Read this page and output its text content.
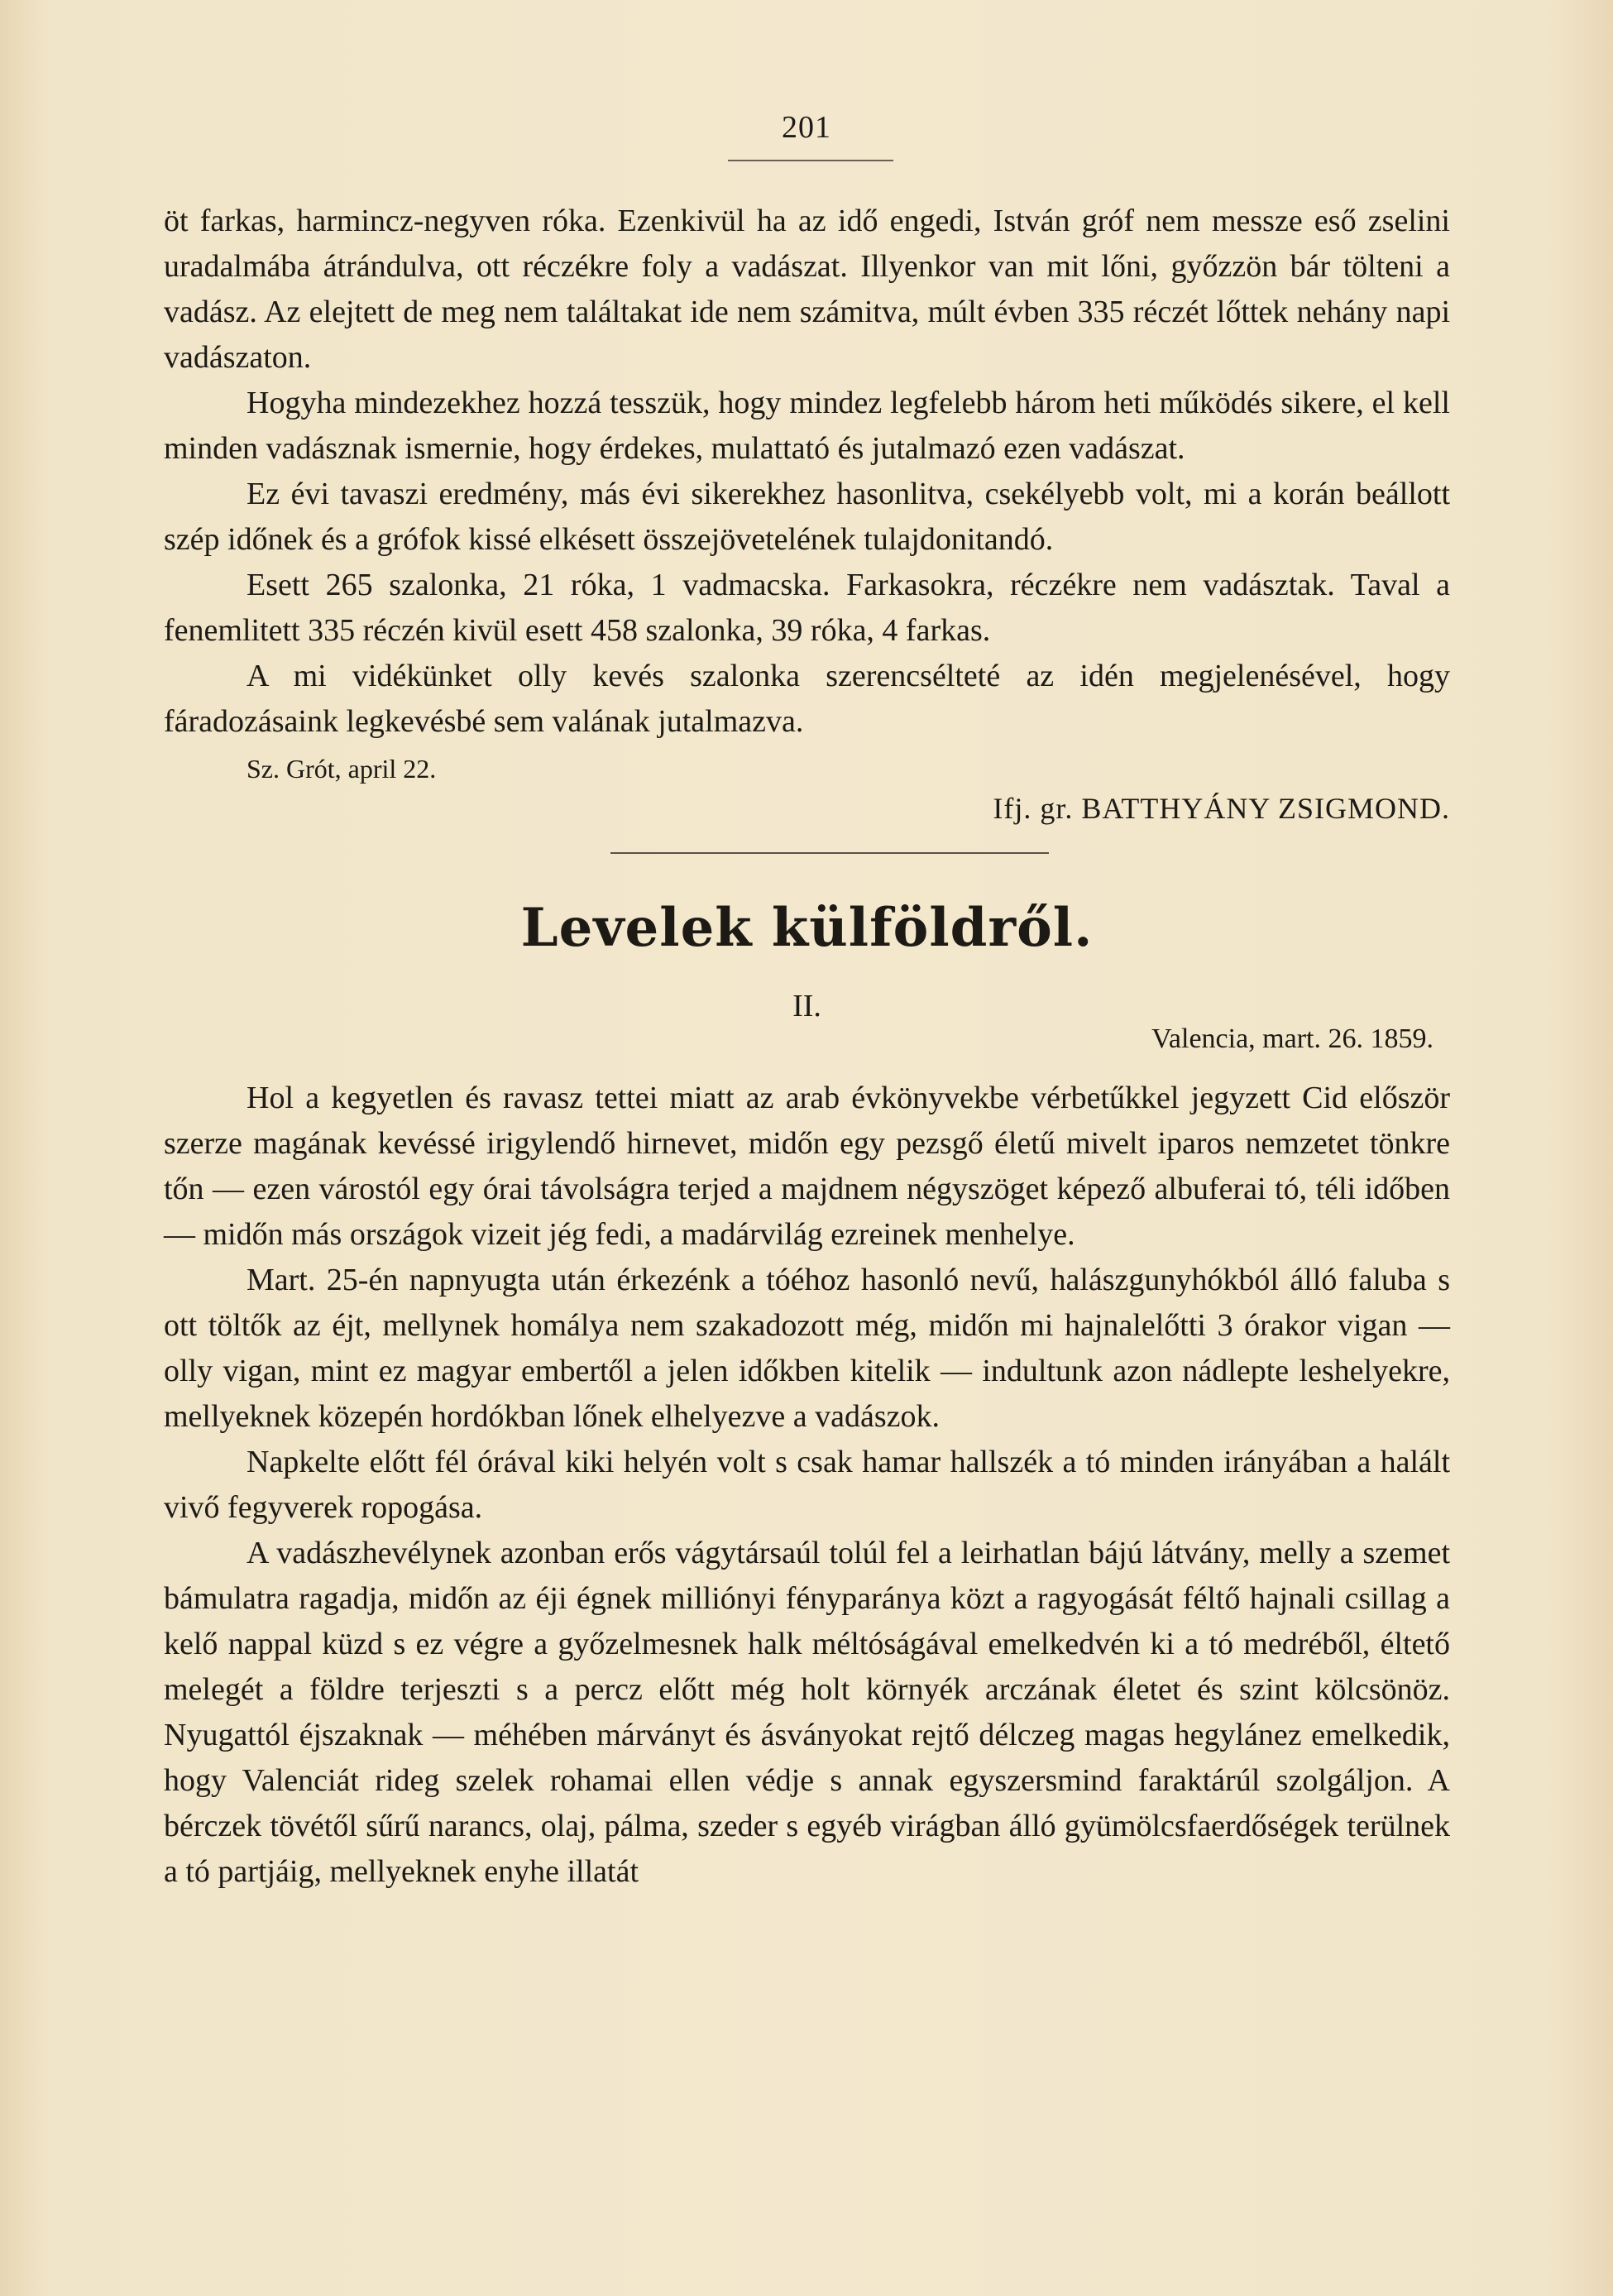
201

öt farkas, harmincz-negyven róka. Ezenkivül ha az idő engedi, István gróf nem messze eső zselini uradalmába átrándulva, ott réczékre foly a vadászat. Illyenkor van mit lőni, győzzön bár tölteni a vadász. Az elejtett de meg nem találtakat ide nem számitva, múlt évben 335 réczét lőttek nehány napi vadászaton.

Hogyha mindezekhez hozzá tesszük, hogy mindez legfelebb három heti működés sikere, el kell minden vadásznak ismernie, hogy érdekes, mulattató és jutalmazó ezen vadászat.

Ez évi tavaszi eredmény, más évi sikerekhez hasonlitva, csekélyebb volt, mi a korán beállott szép időnek és a grófok kissé elkésett összejövetelének tulajdonitandó.

Esett 265 szalonka, 21 róka, 1 vadmacska. Farkasokra, réczékre nem vadásztak. Taval a fenemlitett 335 réczén kivül esett 458 szalonka, 39 róka, 4 farkas.

A mi vidékünket olly kevés szalonka szerencsélteté az idén megjelenésével, hogy fáradozásaink legkevésbé sem valának jutalmazva.

Sz. Grót, april 22.
Ifj. gr. BATTHYÁNY ZSIGMOND.
Levelek külföldről.
II.
Valencia, mart. 26. 1859.

Hol a kegyetlen és ravasz tettei miatt az arab évkönyvekbe vérbetűkkel jegyzett Cid először szerze magának kevéssé irigylendő hirnevet, midőn egy pezsgő életű mivelt iparos nemzetet tönkre tőn — ezen várostól egy órai távolságra terjed a majdnem négyszöget képező albuferai tó, téli időben — midőn más országok vizeit jég fedi, a madárvilág ezreinek menhelye.

Mart. 25-én napnyugta után érkezénk a tóéhoz hasonló nevű, halászgunyhókból álló faluba s ott töltők az éjt, mellynek homálya nem szakadozott még, midőn mi hajnalelőtti 3 órakor vigan — olly vigan, mint ez magyar embertől a jelen időkben kitelik — indultunk azon nádlepte leshelyekre, mellyeknek közepén hordókban lőnek elhelyezve a vadászok.

Napkelte előtt fél órával kiki helyén volt s csak hamar hallszék a tó minden irányában a halált vivő fegyverek ropogása.

A vadászhevélynek azonban erős vágytársaúl tolúl fel a leirhatlan bájú látvány, melly a szemet bámulatra ragadja, midőn az éji égnek milliónyi fényparánya közt a ragyogását féltő hajnali csillag a kelő nappal küzd s ez végre a győzelmesnek halk méltóságával emelkedvén ki a tó medréből, éltető melegét a földre terjeszti s a percz előtt még holt környék arczának életet és szint kölcsönöz. Nyugattól éjszaknak — méhében márványt és ásványokat rejtő délczeg magas hegylánez emelkedik, hogy Valenciát rideg szelek rohamai ellen védje s annak egyszersmind faraktárúl szolgáljon. A bérczek tövétől sűrű narancs, olaj, pálma, szeder s egyéb virágban álló gyümölcsfaerdőségek terülnek a tó partjáig, mellyeknek enyhe illatát
